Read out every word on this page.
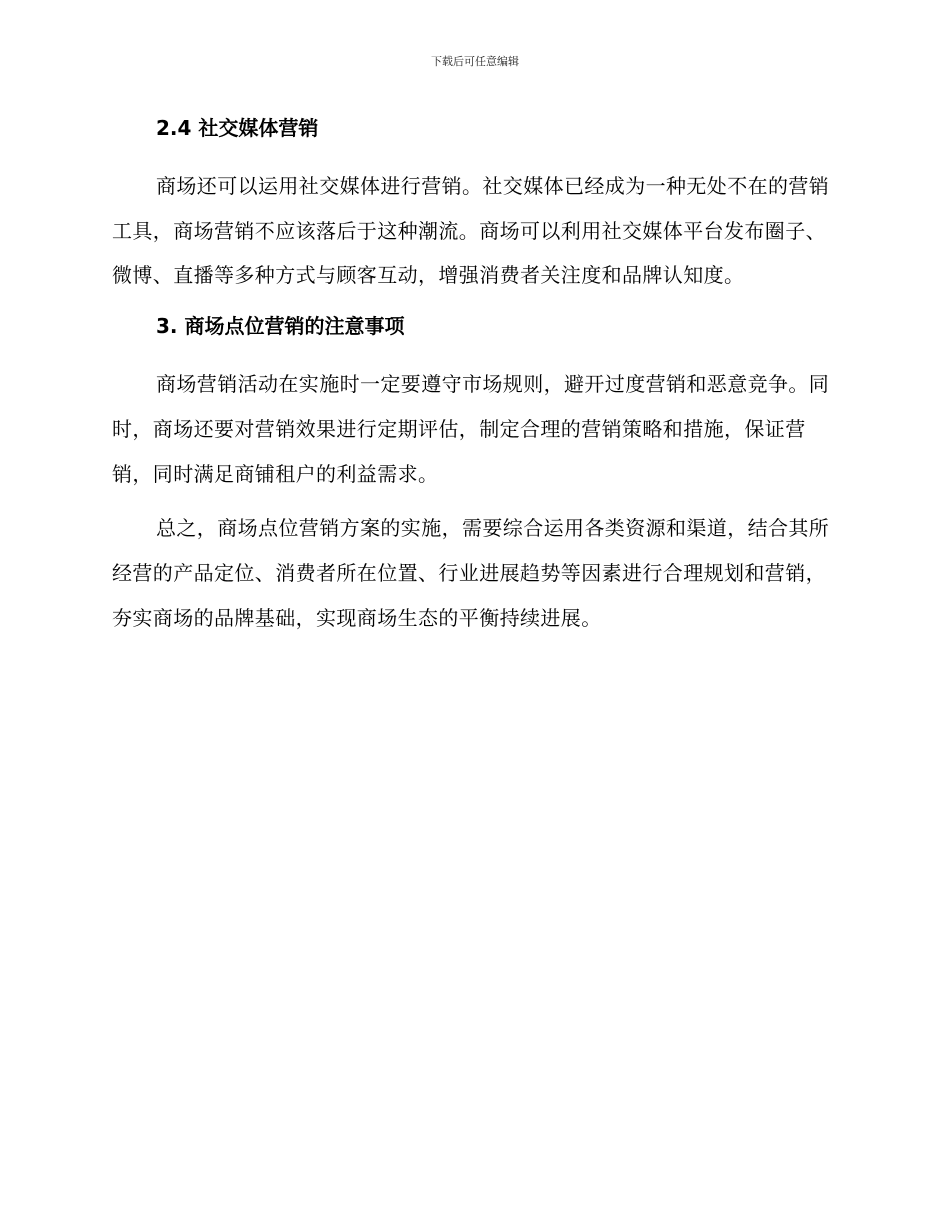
下载后可任意编辑
2.4 社交媒体营销

商场还可以运用社交媒体进行营销。社交媒体已经成为一种无处不在的营销工具，商场营销不应该落后于这种潮流。商场可以利用社交媒体平台发布圈子、微博、直播等多种方式与顾客互动，增强消费者关注度和品牌认知度。

3. 商场点位营销的注意事项

商场营销活动在实施时一定要遵守市场规则，避开过度营销和恶意竞争。同时，商场还要对营销效果进行定期评估，制定合理的营销策略和措施，保证营销，同时满足商铺租户的利益需求。

总之，商场点位营销方案的实施，需要综合运用各类资源和渠道，结合其所经营的产品定位、消费者所在位置、行业进展趋势等因素进行合理规划和营销，夯实商场的品牌基础，实现商场生态的平衡持续进展。
